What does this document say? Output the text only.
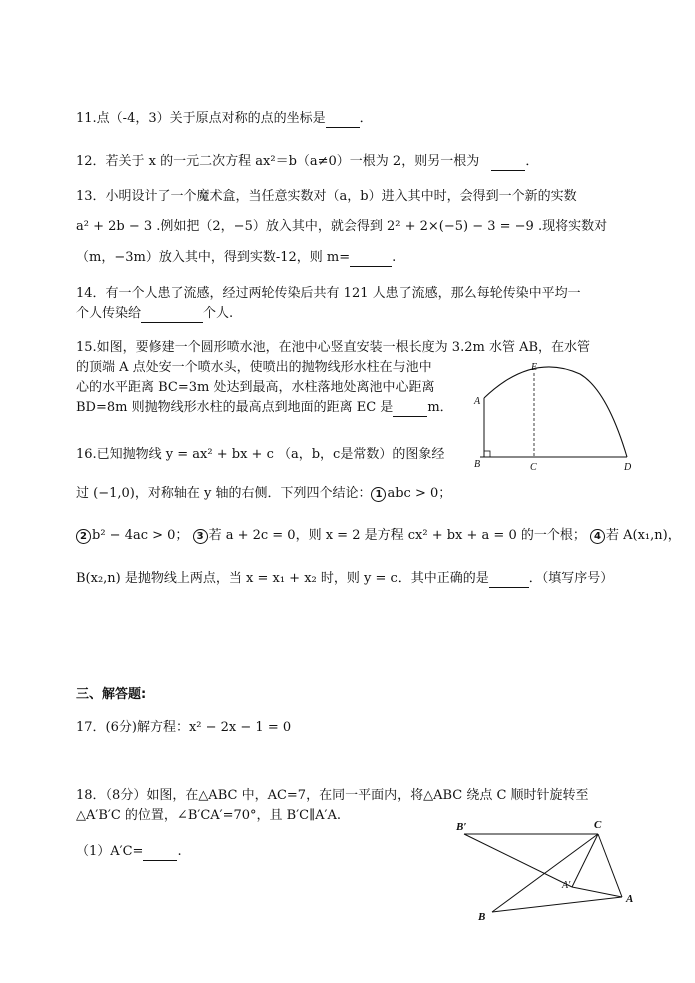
11.点（-4，3）关于原点对称的点的坐标是	．
12．若关于 x 的一元二次方程 ax²＝b（a≠0）一根为 2，则另一根为	．
13．小明设计了一个魔术盒，当任意实数对（a，b）进入其中时，会得到一个新的实数
a² + 2b − 3 .例如把（2，−5）放入其中，就会得到 2² + 2×(−5) − 3 = −9 .现将实数对
（m，−3m）放入其中，得到实数-12，则 m=	.
14．有一个人患了流感，经过两轮传染后共有 121 人患了流感，那么每轮传染中平均一
个人传染给	个人.
15.如图，要修建一个圆形喷水池，在池中心竖直安装一根长度为 3.2m 水管 AB，在水管
的顶端 A 点处安一个喷水头，使喷出的抛物线形水柱在与池中
心的水平距离 BC=3m 处达到最高，水柱落地处离池中心距离
BD=8m 则抛物线形水柱的最高点到地面的距离 EC 是	m． A
B	C	D
E
16.已知抛物线 y = ax² + bx + c （a，b，c是常数）的图象经
过 (−1,0)，对称轴在 y 轴的右侧．下列四个结论： 1 abc > 0；
2 b² − 4ac > 0； 3 若 a + 2c = 0，则 x = 2 是方程 cx² + bx + a = 0 的一个根； 4 若 A(x₁,n)，
B(x₂,n) 是抛物线上两点，当 x = x₁ + x₂ 时，则 y = c．其中正确的是	．（填写序号）
三、解答题:
17．(6分)解方程：x² − 2x − 1 = 0
18．（8分）如图，在△ABC 中，AC=7，在同一平面内，将△ABC 绕点 C 顺时针旋转至
△A′B′C 的位置，∠B′CA′=70°，且 B′C∥A′A.
（1）A′C=	.
B′	C
A′
A
B
